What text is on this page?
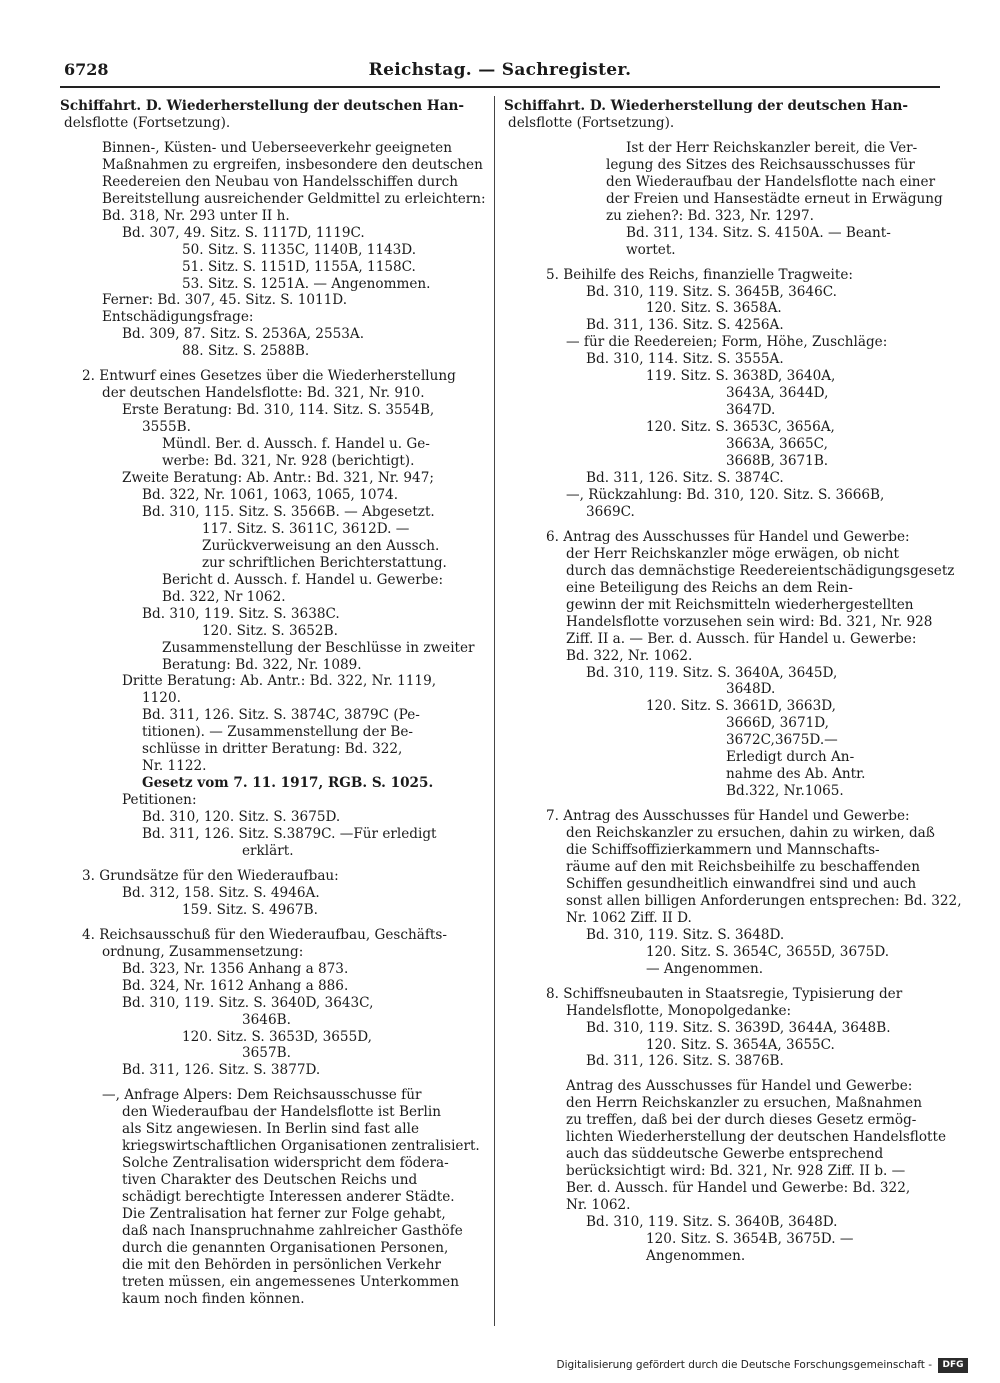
6728	Reichstag. — Sachregister.
Schiffahrt. D. Wiederherstellung der deutschen Han-
delsflotte (Fortsetzung).
Binnen-, Küsten- und Ueberseeverkehr geeigneten
Maßnahmen zu ergreifen, insbesondere den deutschen
Reedereien den Neubau von Handelsschiffen durch
Bereitstellung ausreichender Geldmittel zu erleichtern:
Bd. 318, Nr. 293 unter II h.
Bd. 307, 49. Sitz. S. 1117D, 1119C.
50. Sitz. S. 1135C, 1140B, 1143D.
51. Sitz. S. 1151D, 1155A, 1158C.
53. Sitz. S. 1251A. — Angenommen.
Ferner: Bd. 307, 45. Sitz. S. 1011D.
Entschädigungsfrage:
Bd. 309, 87. Sitz. S. 2536A, 2553A.
88. Sitz. S. 2588B.
2. Entwurf eines Gesetzes über die Wiederherstellung
der deutschen Handelsflotte: Bd. 321, Nr. 910.
Erste Beratung: Bd. 310, 114. Sitz. S. 3554B,
3555B.
Mündl. Ber. d. Aussch. f. Handel u. Ge-
werbe: Bd. 321, Nr. 928 (berichtigt).
Zweite Beratung: Ab. Antr.: Bd. 321, Nr. 947;
Bd. 322, Nr. 1061, 1063, 1065, 1074.
Bd. 310, 115. Sitz. S. 3566B. — Abgesetzt.
117. Sitz. S. 3611C, 3612D. —
Zurückverweisung an den Aussch.
zur schriftlichen Berichterstattung.
Bericht d. Aussch. f. Handel u. Gewerbe:
Bd. 322, Nr 1062.
Bd. 310, 119. Sitz. S. 3638C.
120. Sitz. S. 3652B.
Zusammenstellung der Beschlüsse in zweiter
Beratung: Bd. 322, Nr. 1089.
Dritte Beratung: Ab. Antr.: Bd. 322, Nr. 1119,
1120.
Bd. 311, 126. Sitz. S. 3874C, 3879C (Pe-
titionen). — Zusammenstellung der Be-
schlüsse in dritter Beratung: Bd. 322,
Nr. 1122.
Gesetz vom 7. 11. 1917, RGB. S. 1025.
Petitionen:
Bd. 310, 120. Sitz. S. 3675D.
Bd. 311, 126. Sitz. S.3879C. —Für erledigt
erklärt.
3. Grundsätze für den Wiederaufbau:
Bd. 312, 158. Sitz. S. 4946A.
159. Sitz. S. 4967B.
4. Reichsausschuß für den Wiederaufbau, Geschäfts-
ordnung, Zusammensetzung:
Bd. 323, Nr. 1356 Anhang a 873.
Bd. 324, Nr. 1612 Anhang a 886.
Bd. 310, 119. Sitz. S. 3640D, 3643C,
3646B.
120. Sitz. S. 3653D, 3655D,
3657B.
Bd. 311, 126. Sitz. S. 3877D.
—, Anfrage Alpers: Dem Reichsausschusse für
den Wiederaufbau der Handelsflotte ist Berlin
als Sitz angewiesen. In Berlin sind fast alle
kriegswirtschaftlichen Organisationen zentralisiert.
Solche Zentralisation widerspricht dem födera-
tiven Charakter des Deutschen Reichs und
schädigt berechtigte Interessen anderer Städte.
Die Zentralisation hat ferner zur Folge gehabt,
daß nach Inanspruchnahme zahlreicher Gasthöfe
durch die genannten Organisationen Personen,
die mit den Behörden in persönlichen Verkehr
treten müssen, ein angemessenes Unterkommen
kaum noch finden können.
Schiffahrt. D. Wiederherstellung der deutschen Han-
delsflotte (Fortsetzung).
Ist der Herr Reichskanzler bereit, die Ver-
legung des Sitzes des Reichsausschusses für
den Wiederaufbau der Handelsflotte nach einer
der Freien und Hansestädte erneut in Erwägung
zu ziehen?: Bd. 323, Nr. 1297.
Bd. 311, 134. Sitz. S. 4150A. — Beant-
wortet.
5. Beihilfe des Reichs, finanzielle Tragweite:
Bd. 310, 119. Sitz. S. 3645B, 3646C.
120. Sitz. S. 3658A.
Bd. 311, 136. Sitz. S. 4256A.
— für die Reedereien; Form, Höhe, Zuschläge:
Bd. 310, 114. Sitz. S. 3555A.
119. Sitz. S. 3638D, 3640A,
3643A, 3644D,
3647D.
120. Sitz. S. 3653C, 3656A,
3663A, 3665C,
3668B, 3671B.
Bd. 311, 126. Sitz. S. 3874C.
—, Rückzahlung: Bd. 310, 120. Sitz. S. 3666B,
3669C.
6. Antrag des Ausschusses für Handel und Gewerbe:
der Herr Reichskanzler möge erwägen, ob nicht
durch das demnächstige Reedereientschädigungsgesetz
eine Beteiligung des Reichs an dem Rein-
gewinn der mit Reichsmitteln wiederhergestellten
Handelsflotte vorzusehen sein wird: Bd. 321, Nr. 928
Ziff. II a. — Ber. d. Aussch. für Handel u. Gewerbe:
Bd. 322, Nr. 1062.
Bd. 310, 119. Sitz. S. 3640A, 3645D,
3648D.
120. Sitz. S. 3661D, 3663D,
3666D, 3671D,
3672C,3675D.—
Erledigt durch An-
nahme des Ab. Antr.
Bd.322, Nr.1065.
7. Antrag des Ausschusses für Handel und Gewerbe:
den Reichskanzler zu ersuchen, dahin zu wirken, daß
die Schiffsoffizierkammern und Mannschafts-
räume auf den mit Reichsbeihilfe zu beschaffenden
Schiffen gesundheitlich einwandfrei sind und auch
sonst allen billigen Anforderungen entsprechen: Bd. 322,
Nr. 1062 Ziff. II D.
Bd. 310, 119. Sitz. S. 3648D.
120. Sitz. S. 3654C, 3655D, 3675D.
— Angenommen.
8. Schiffsneubauten in Staatsregie, Typisierung der
Handelsflotte, Monopolgedanke:
Bd. 310, 119. Sitz. S. 3639D, 3644A, 3648B.
120. Sitz. S. 3654A, 3655C.
Bd. 311, 126. Sitz. S. 3876B.
Antrag des Ausschusses für Handel und Gewerbe:
den Herrn Reichskanzler zu ersuchen, Maßnahmen
zu treffen, daß bei der durch dieses Gesetz ermög-
lichten Wiederherstellung der deutschen Handelsflotte
auch das süddeutsche Gewerbe entsprechend
berücksichtigt wird: Bd. 321, Nr. 928 Ziff. II b. —
Ber. d. Aussch. für Handel und Gewerbe: Bd. 322,
Nr. 1062.
Bd. 310, 119. Sitz. S. 3640B, 3648D.
120. Sitz. S. 3654B, 3675D. —
Angenommen.
Digitalisierung gefördert durch die Deutsche Forschungsgemeinschaft -	DFG
